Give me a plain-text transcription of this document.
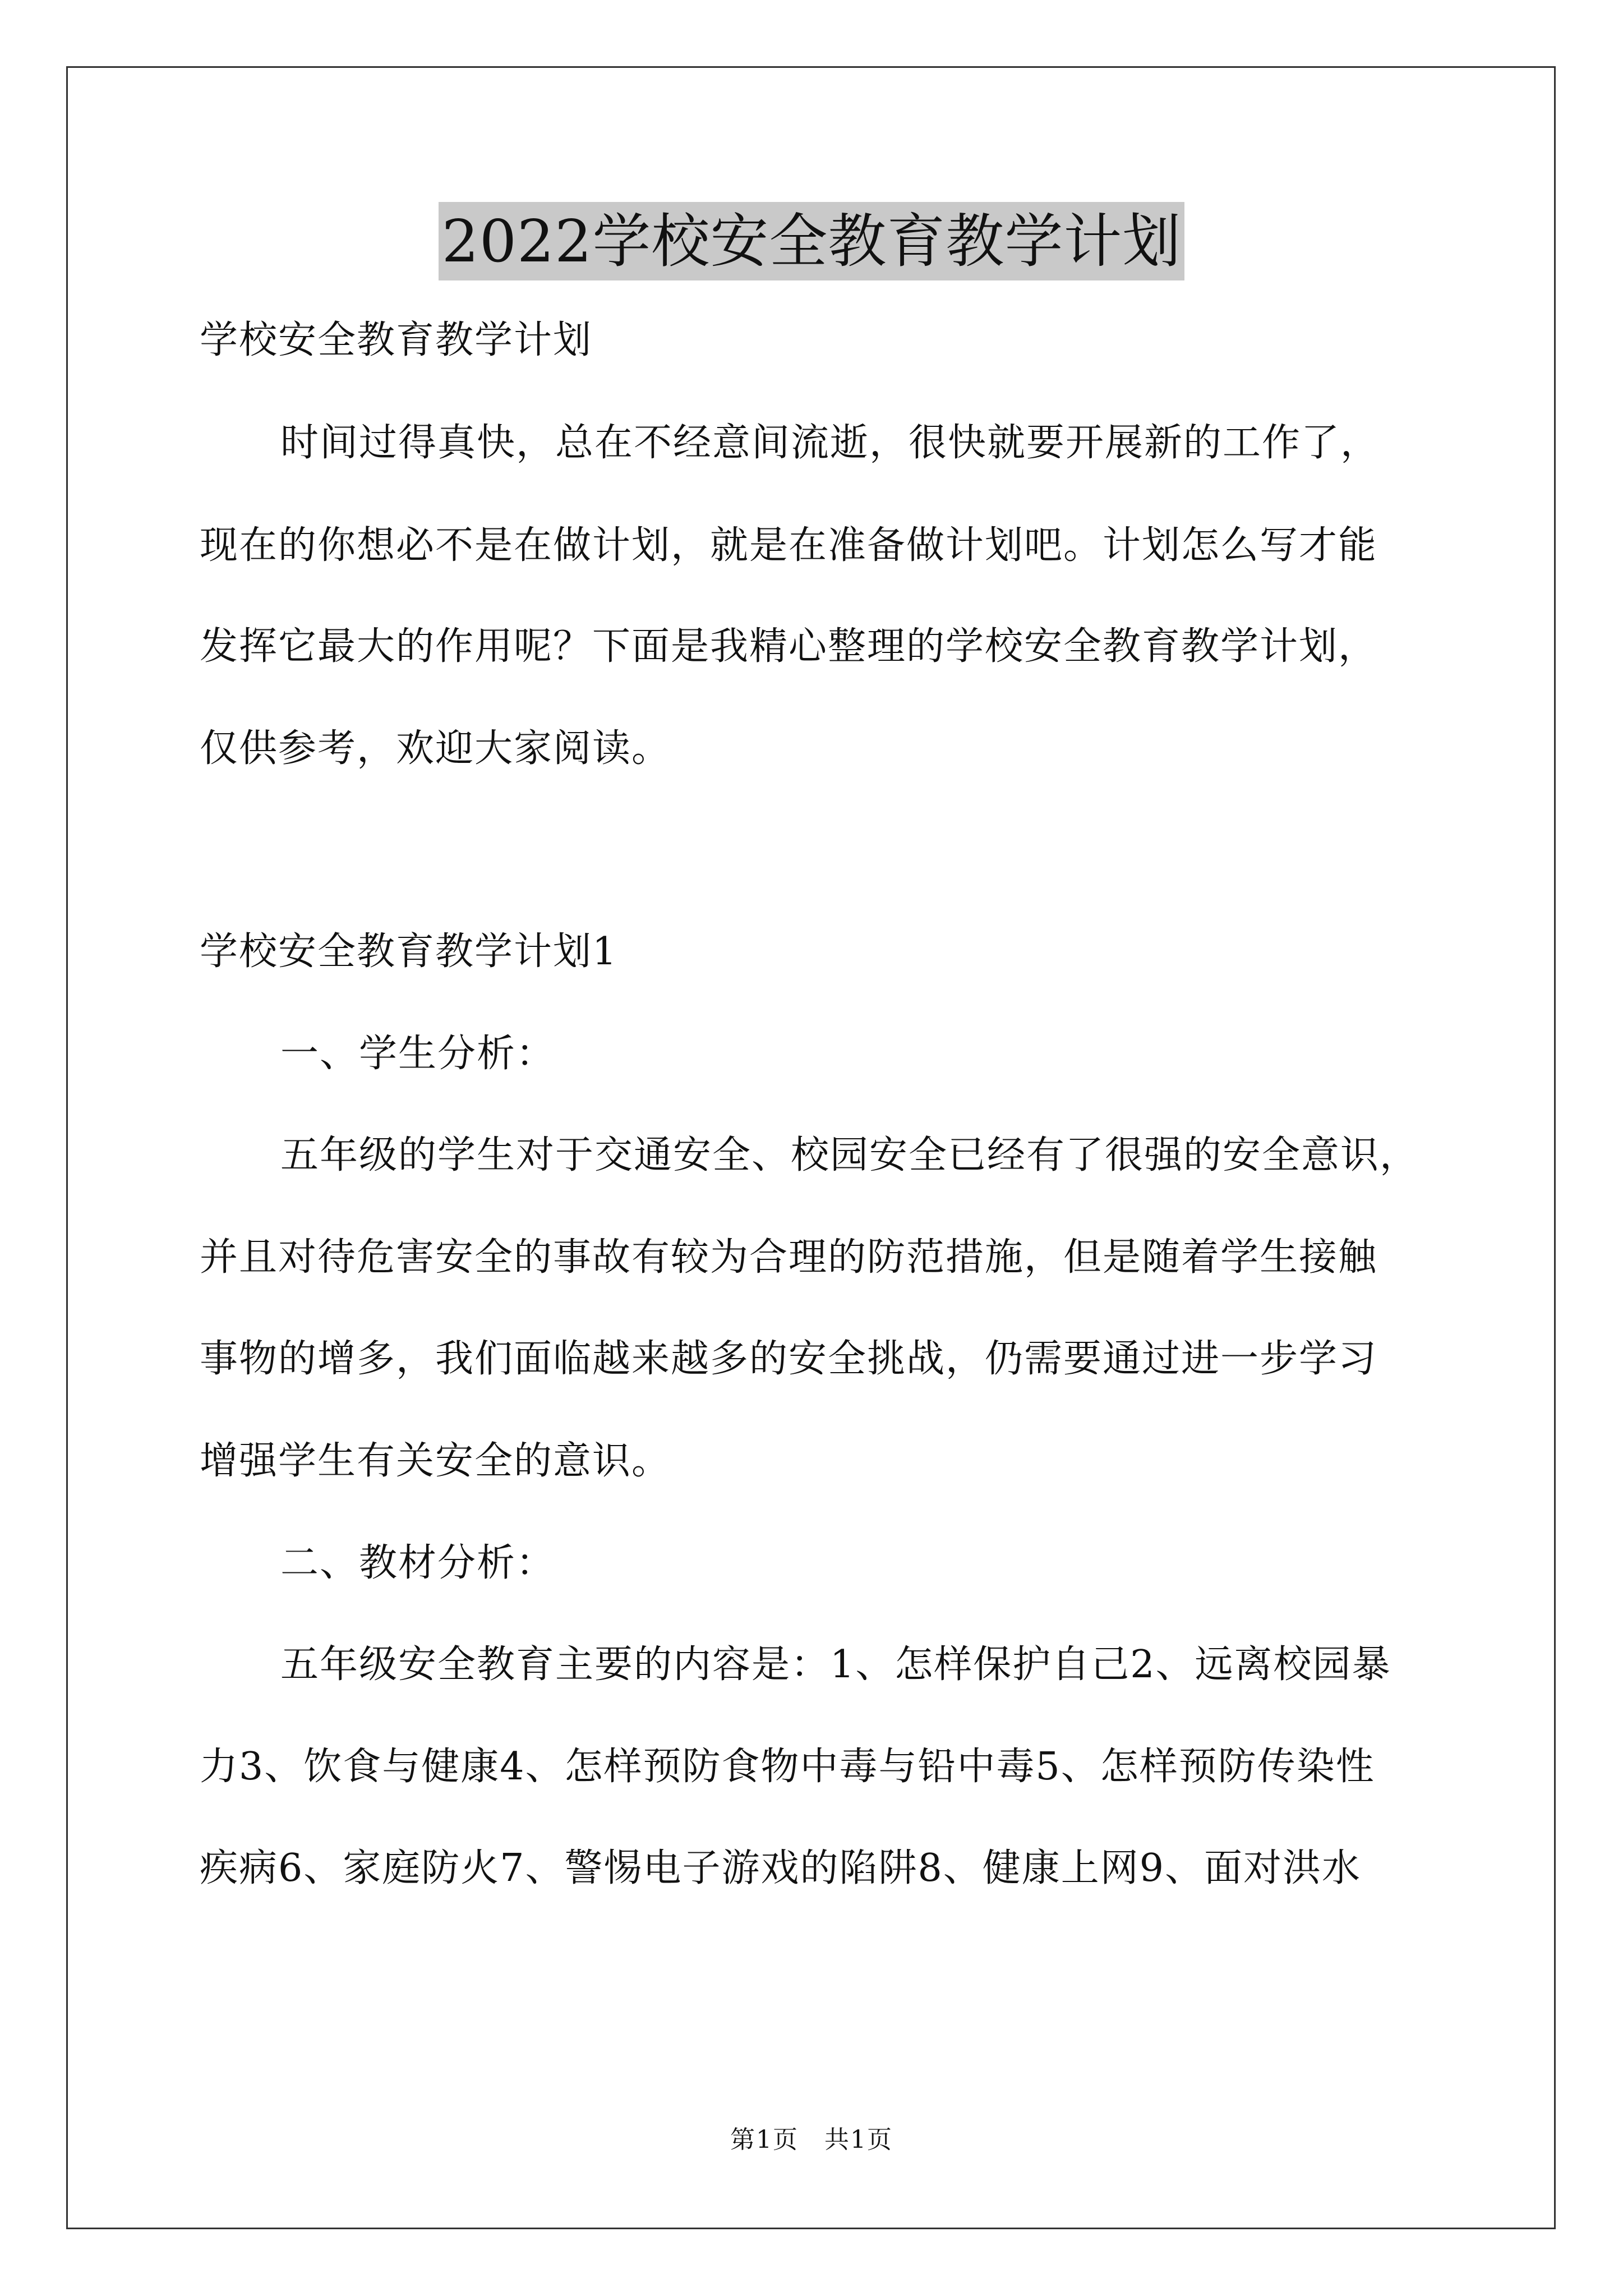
2022学校安全教育教学计划
学校安全教育教学计划
时间过得真快，总在不经意间流逝，很快就要开展新的工作了，
现在的你想必不是在做计划，就是在准备做计划吧。计划怎么写才能
发挥它最大的作用呢？下面是我精心整理的学校安全教育教学计划，
仅供参考，欢迎大家阅读。
学校安全教育教学计划1
一、学生分析：
五年级的学生对于交通安全、校园安全已经有了很强的安全意识，
并且对待危害安全的事故有较为合理的防范措施，但是随着学生接触
事物的增多，我们面临越来越多的安全挑战，仍需要通过进一步学习
增强学生有关安全的意识。
二、教材分析：
五年级安全教育主要的内容是：1、怎样保护自己2、远离校园暴
力3、饮食与健康4、怎样预防食物中毒与铅中毒5、怎样预防传染性
疾病6、家庭防火7、警惕电子游戏的陷阱8、健康上网9、面对洪水
第1页　共1页
